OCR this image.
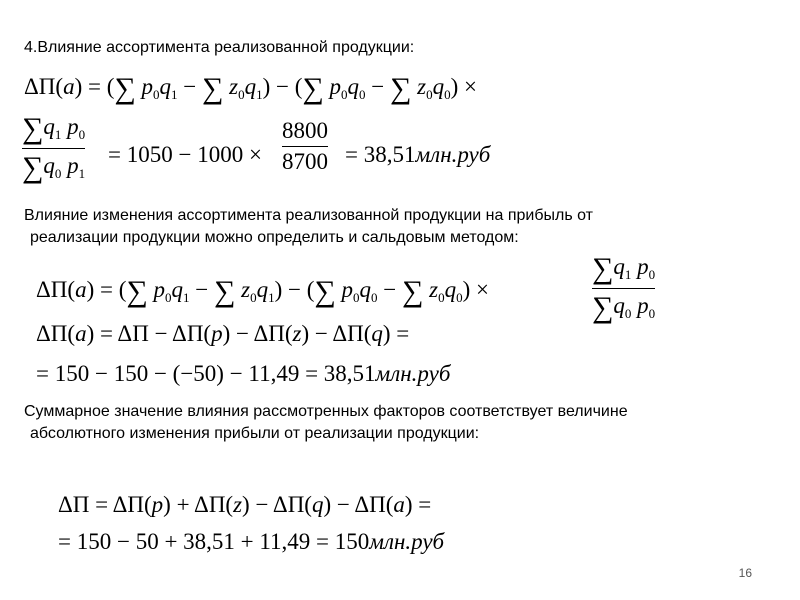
4.Влияние ассортимента реализованной продукции:
ΔΠ(a) = (∑ $p_0q_1$ − ∑ $z_0q_1$) − (∑ $p_0q_0$ − ∑ $z_0q_0$) ×
$\sum q_1$ $p_0$
$\sum q_0$ $p_1$
= 1050 − 1000 ×
8800
8700 = 38,51млн.руб
Влияние изменения ассортимента реализованной продукции на прибыль от
реализации продукции можно определить и сальдовым методом:
ΔΠ(a) = (∑ $p_0q_1$ − ∑ $z_0q_1$) − (∑ $p_0q_0$ − ∑ $z_0q_0$) ×
$\sum q_1$ $p_0$
$\sum q_0$ $p_0$
ΔΠ(a) = ΔΠ − ΔΠ(p) − ΔΠ(z) − ΔΠ(q) =
= 150 − 150 − (−50) − 11,49 = 38,51млн.руб
Суммарное значение влияния рассмотренных факторов соответствует величине
абсолютного изменения прибыли от реализации продукции:
ΔΠ = ΔΠ(p) + ΔΠ(z) − ΔΠ(q) − ΔΠ(a) =
= 150 − 50 + 38,51 + 11,49 = 150млн.руб
16
